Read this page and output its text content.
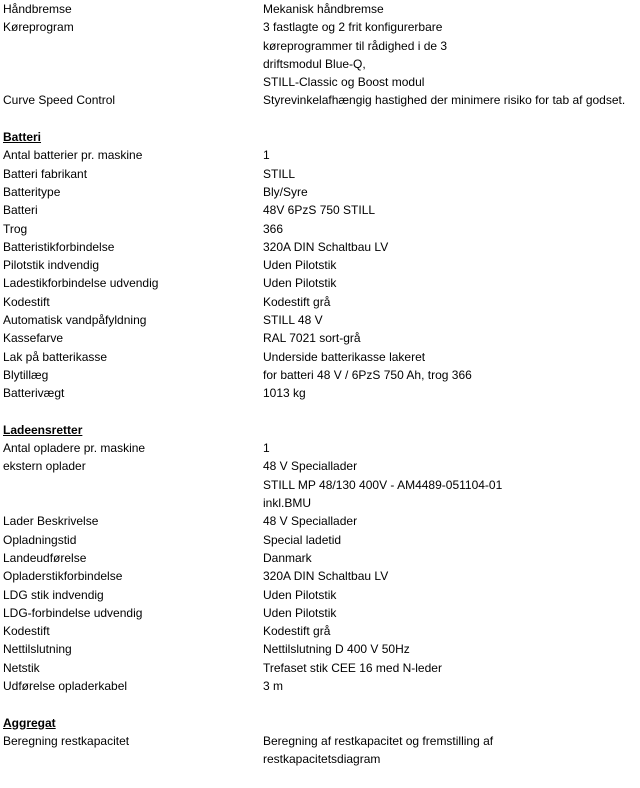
Håndbremse	Mekanisk håndbremse
Køreprogram	3 fastlagte og 2 frit konfigurerbare
køreprogrammer til rådighed i de 3
driftsmodul Blue-Q,
STILL-Classic og Boost modul
Curve Speed Control	Styrevinkelafhængig hastighed der minimere risiko for tab af godset.
Batteri
Antal batterier pr. maskine	1
Batteri fabrikant	STILL
Batteritype	Bly/Syre
Batteri	48V 6PzS 750 STILL
Trog	366
Batteristikforbindelse	320A DIN Schaltbau LV
Pilotstik indvendig	Uden Pilotstik
Ladestikforbindelse udvendig	Uden Pilotstik
Kodestift	Kodestift grå
Automatisk vandpåfyldning	STILL 48 V
Kassefarve	RAL 7021 sort-grå
Lak på batterikasse	Underside batterikasse lakeret
Blytillæg	for batteri 48 V / 6PzS 750 Ah, trog 366
Batterivægt	1013 kg
Ladeensretter
Antal opladere pr. maskine	1
ekstern oplader	48 V Speciallader
STILL MP 48/130 400V - AM4489-051104-01
inkl.BMU
Lader Beskrivelse	48 V Speciallader
Opladningstid	Special ladetid
Landeudførelse	Danmark
Opladerstikforbindelse	320A DIN Schaltbau LV
LDG stik indvendig	Uden Pilotstik
LDG-forbindelse udvendig	Uden Pilotstik
Kodestift	Kodestift grå
Nettilslutning	Nettilslutning D 400 V 50Hz
Netstik	Trefaset stik CEE 16 med N-leder
Udførelse opladerkabel	3 m
Aggregat
Beregning restkapacitet	Beregning af restkapacitet og fremstilling af
restkapacitetsdiagram
